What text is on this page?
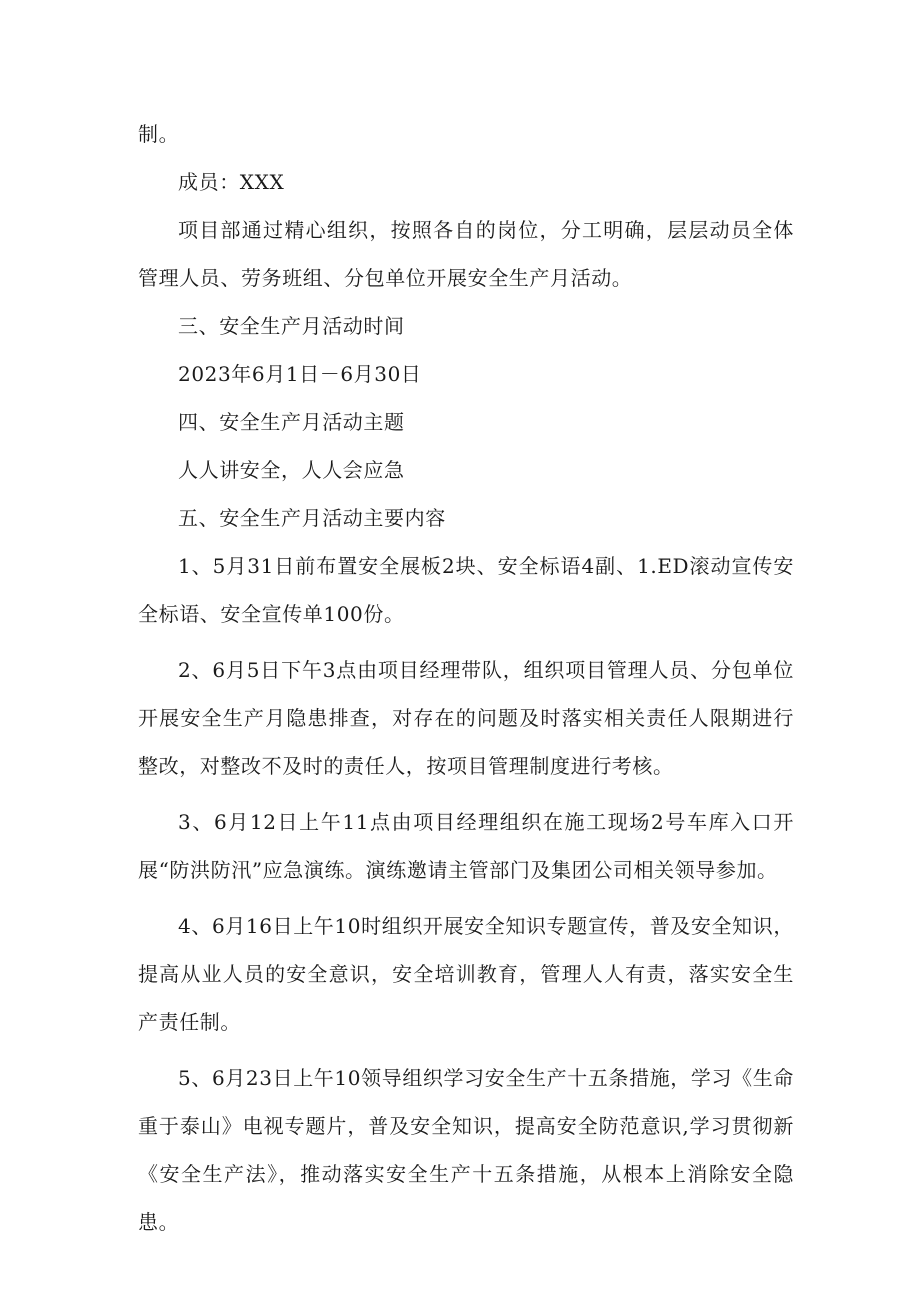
制。

成员：XXX

项目部通过精心组织，按照各自的岗位，分工明确，层层动员全体管理人员、劳务班组、分包单位开展安全生产月活动。

三、安全生产月活动时间

2023年6月1日－6月30日

四、安全生产月活动主题

人人讲安全，人人会应急

五、安全生产月活动主要内容

1、5月31日前布置安全展板2块、安全标语4副、1.ED滚动宣传安全标语、安全宣传单100份。

2、6月5日下午3点由项目经理带队，组织项目管理人员、分包单位开展安全生产月隐患排查，对存在的问题及时落实相关责任人限期进行整改，对整改不及时的责任人，按项目管理制度进行考核。

3、6月12日上午11点由项目经理组织在施工现场2号车库入口开展“防洪防汛”应急演练。演练邀请主管部门及集团公司相关领导参加。

4、6月16日上午10时组织开展安全知识专题宣传，普及安全知识，提高从业人员的安全意识，安全培训教育，管理人人有责，落实安全生产责任制。

5、6月23日上午10领导组织学习安全生产十五条措施，学习《生命重于泰山》电视专题片，普及安全知识，提高安全防范意识,学习贯彻新《安全生产法》，推动落实安全生产十五条措施，从根本上消除安全隐患。
